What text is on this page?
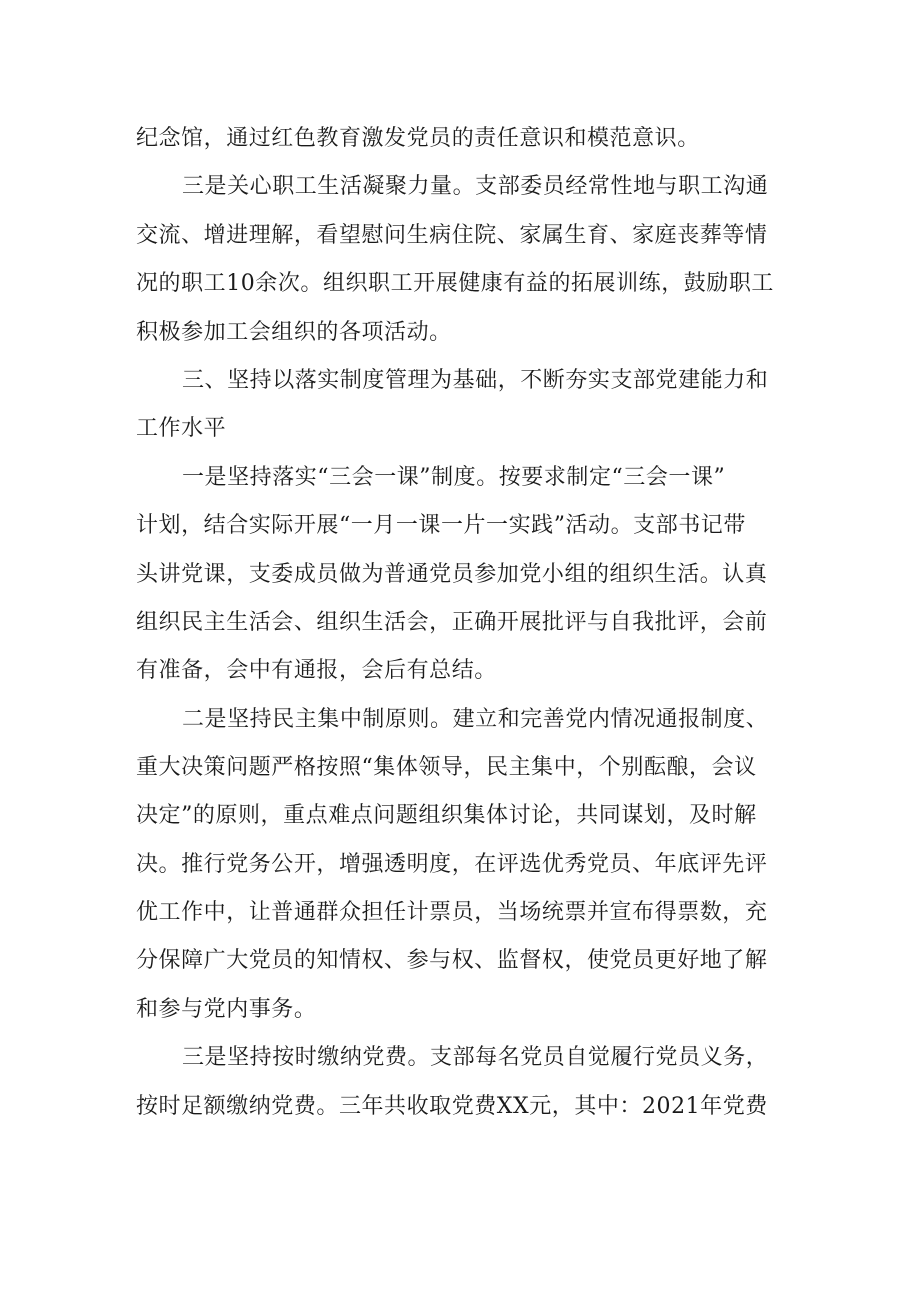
纪念馆，通过红色教育激发党员的责任意识和模范意识。

三是关心职工生活凝聚力量。支部委员经常性地与职工沟通

交流、增进理解，看望慰问生病住院、家属生育、家庭丧葬等情

况的职工10余次。组织职工开展健康有益的拓展训练，鼓励职工

积极参加工会组织的各项活动。

三、坚持以落实制度管理为基础，不断夯实支部党建能力和

工作水平

一是坚持落实“三会一课”制度。按要求制定“三会一课”

计划，结合实际开展“一月一课一片一实践”活动。支部书记带

头讲党课，支委成员做为普通党员参加党小组的组织生活。认真

组织民主生活会、组织生活会，正确开展批评与自我批评，会前

有准备，会中有通报，会后有总结。

二是坚持民主集中制原则。建立和完善党内情况通报制度、

重大决策问题严格按照“集体领导，民主集中，个别酝酿，会议

决定”的原则，重点难点问题组织集体讨论，共同谋划，及时解

决。推行党务公开，增强透明度，在评选优秀党员、年底评先评

优工作中，让普通群众担任计票员，当场统票并宣布得票数，充

分保障广大党员的知情权、参与权、监督权，使党员更好地了解

和参与党内事务。

三是坚持按时缴纳党费。支部每名党员自觉履行党员义务，

按时足额缴纳党费。三年共收取党费XX元，其中：2021年党费
